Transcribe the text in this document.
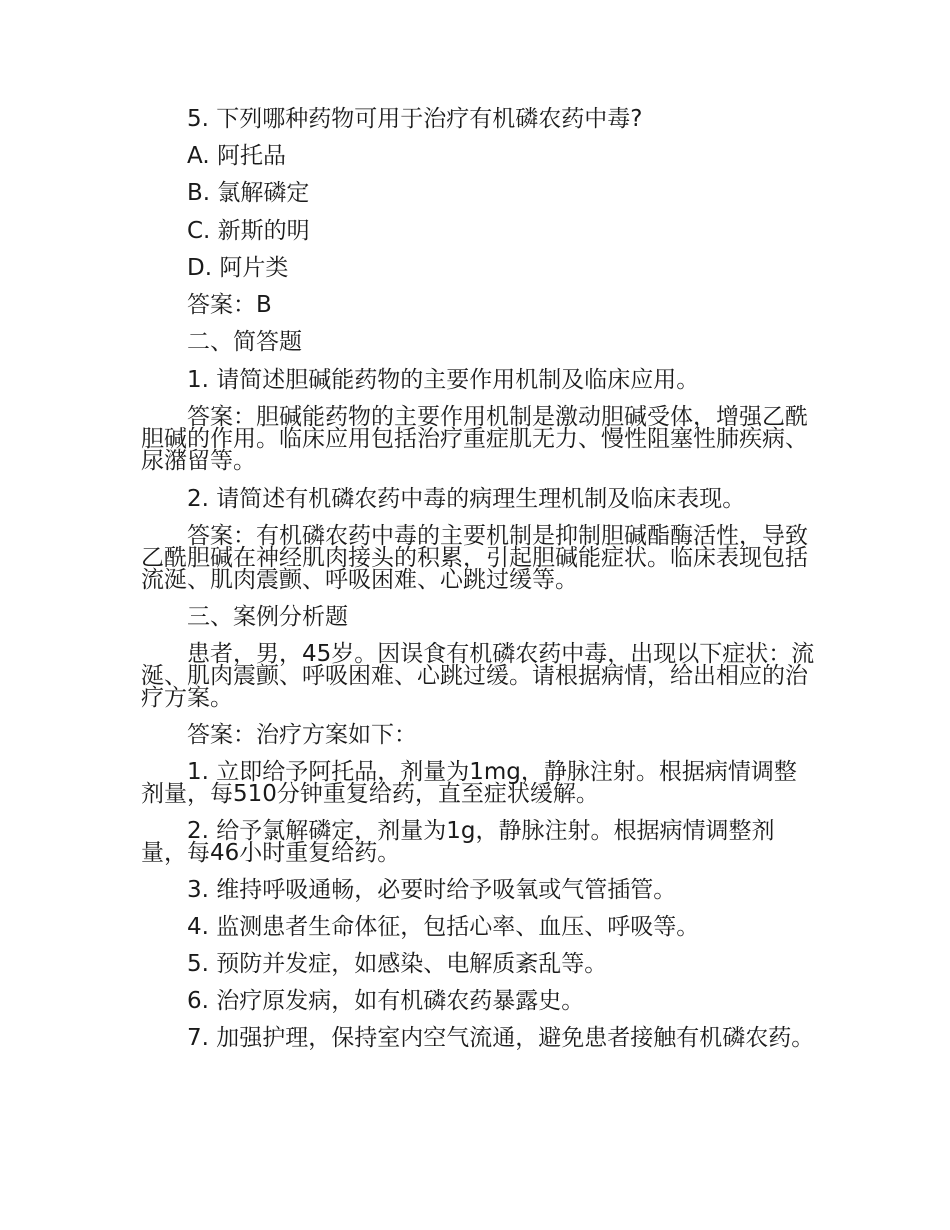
5. 下列哪种药物可用于治疗有机磷农药中毒?

A. 阿托品

B. 氯解磷定

C. 新斯的明

D. 阿片类

答案：B

二、简答题

1. 请简述胆碱能药物的主要作用机制及临床应用。

答案：胆碱能药物的主要作用机制是激动胆碱受体，增强乙酰胆碱的作用。临床应用包括治疗重症肌无力、慢性阻塞性肺疾病、尿潴留等。

2. 请简述有机磷农药中毒的病理生理机制及临床表现。

答案：有机磷农药中毒的主要机制是抑制胆碱酯酶活性，导致乙酰胆碱在神经肌肉接头的积累，引起胆碱能症状。临床表现包括流涎、肌肉震颤、呼吸困难、心跳过缓等。

三、案例分析题

患者，男，45岁。因误食有机磷农药中毒，出现以下症状：流涎、肌肉震颤、呼吸困难、心跳过缓。请根据病情，给出相应的治疗方案。

答案：治疗方案如下：

1. 立即给予阿托品，剂量为1mg，静脉注射。根据病情调整剂量，每510分钟重复给药，直至症状缓解。

2. 给予氯解磷定，剂量为1g，静脉注射。根据病情调整剂量，每46小时重复给药。

3. 维持呼吸通畅，必要时给予吸氧或气管插管。

4. 监测患者生命体征，包括心率、血压、呼吸等。

5. 预防并发症，如感染、电解质紊乱等。

6. 治疗原发病，如有机磷农药暴露史。

7. 加强护理，保持室内空气流通，避免患者接触有机磷农药。
